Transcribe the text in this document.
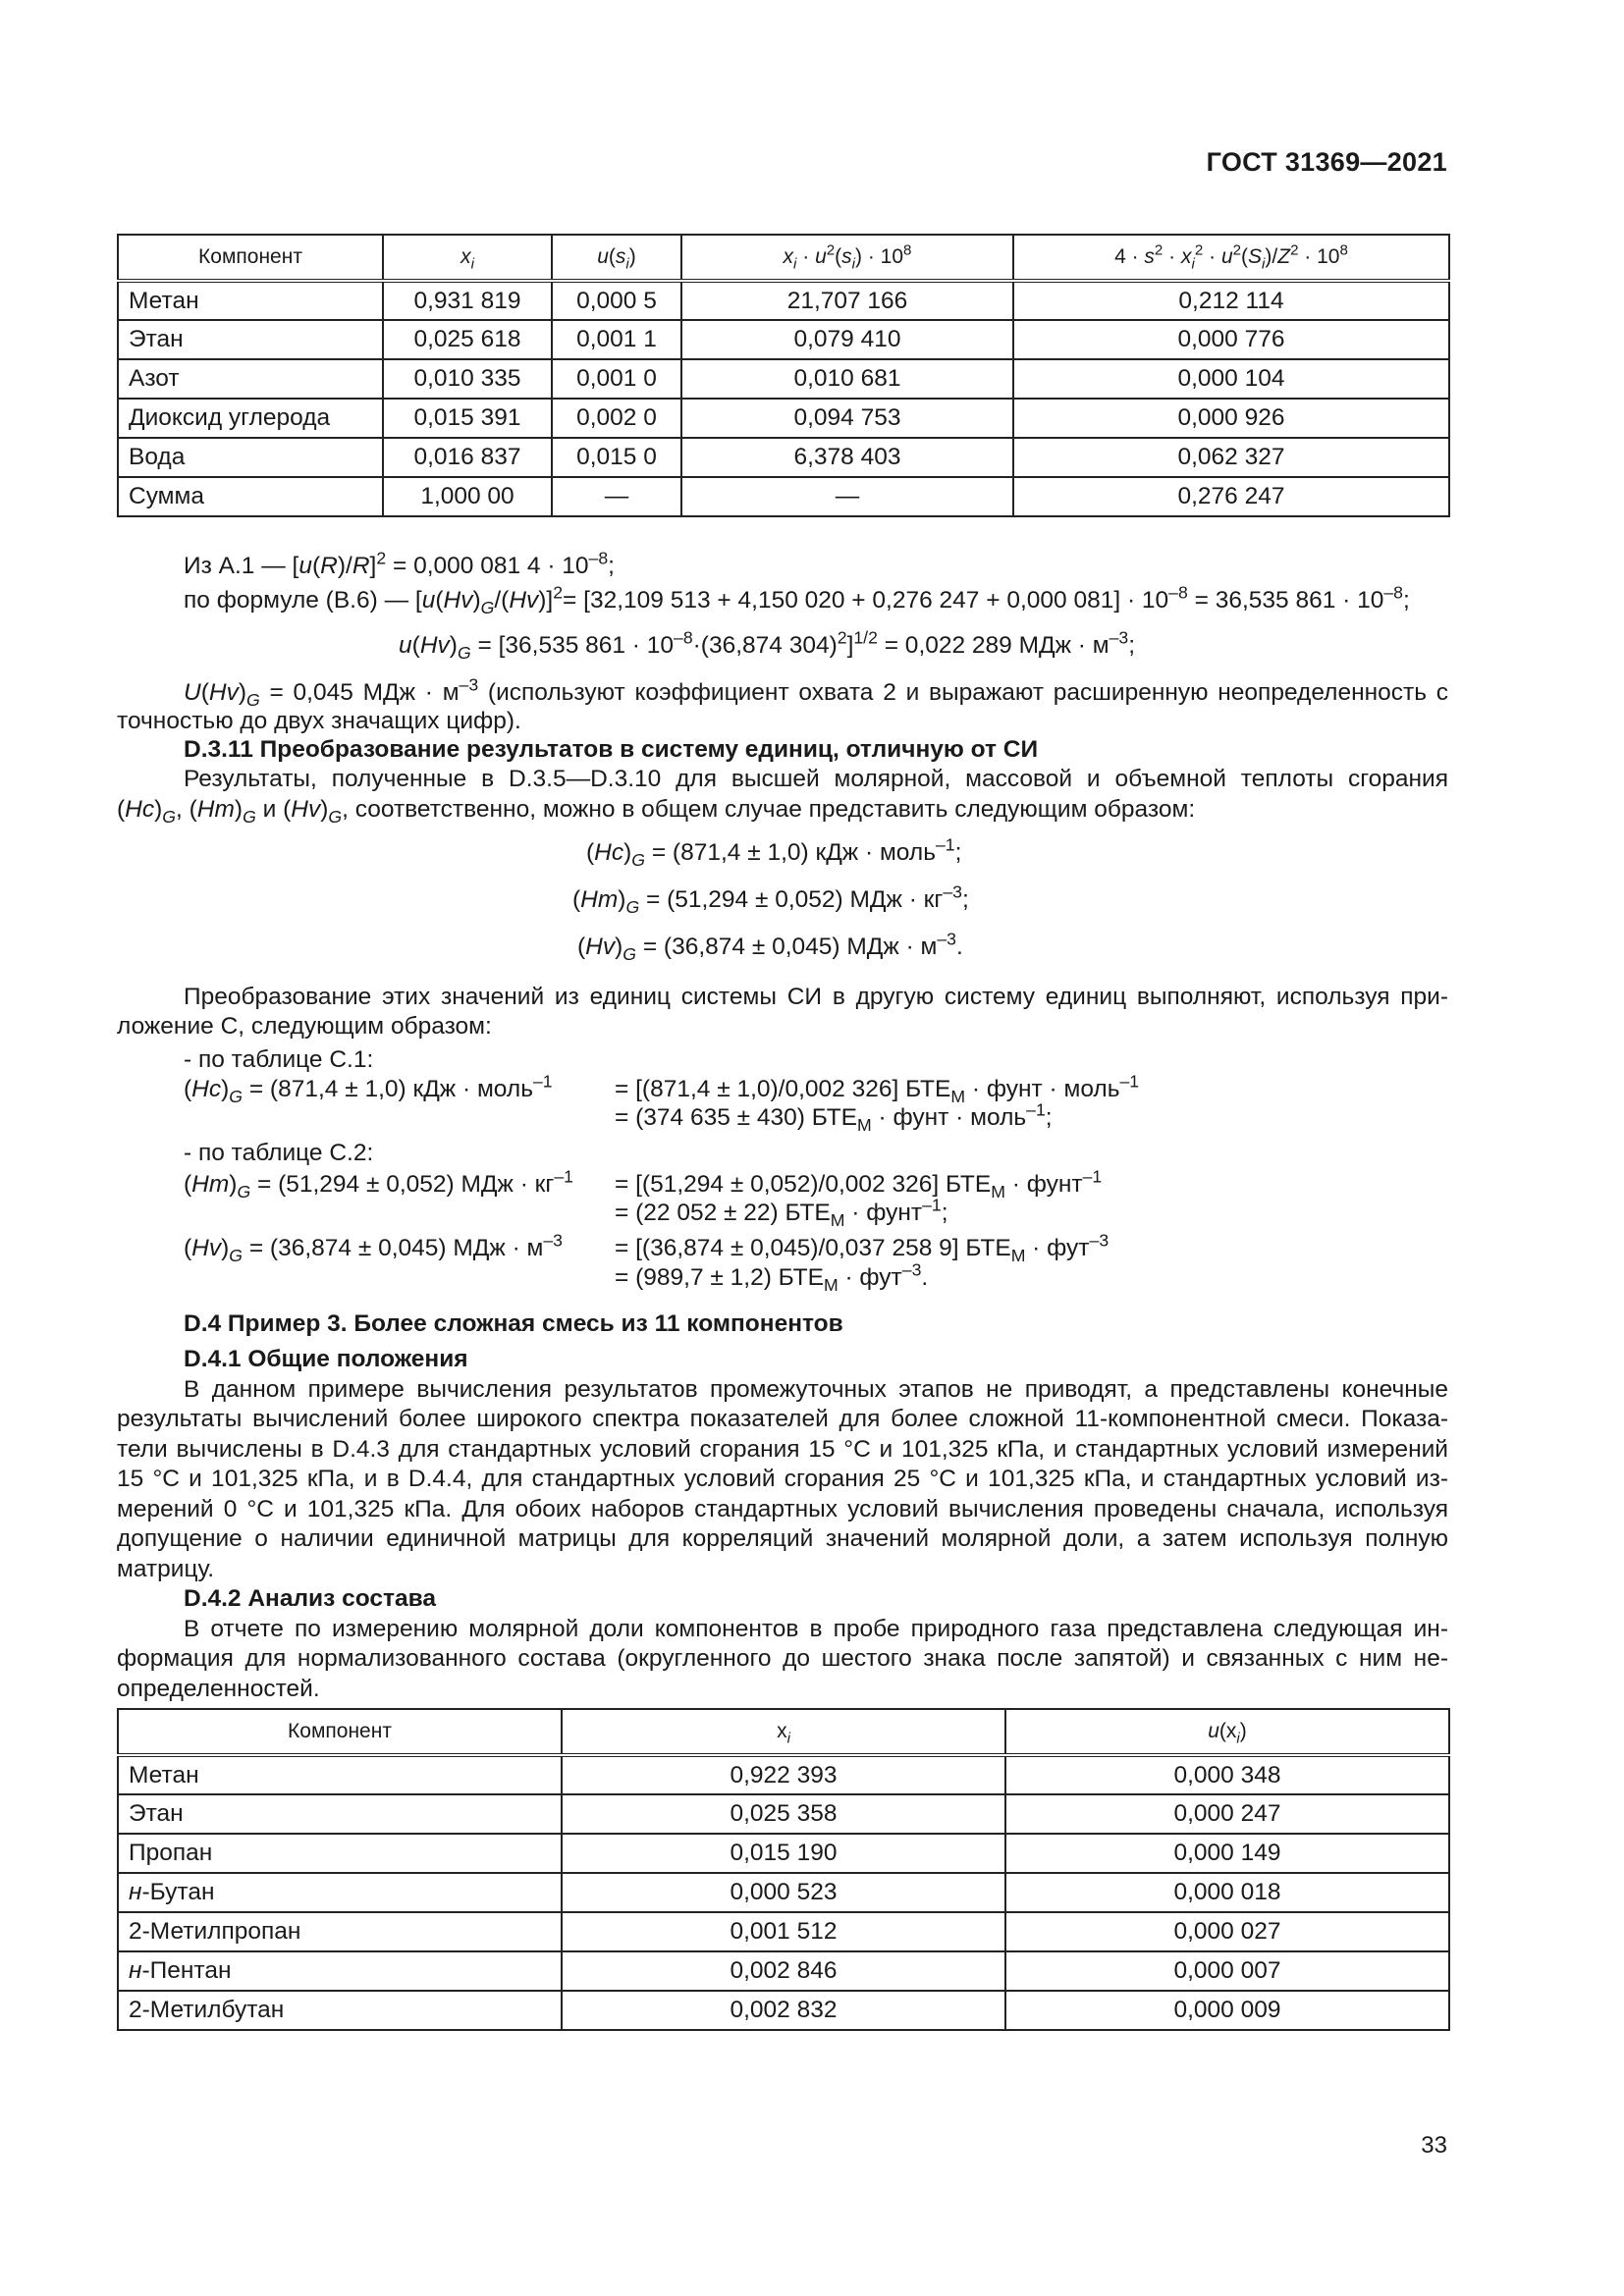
ГОСТ 31369—2021
Компонент	$x_i$	$u(s_i)$	$x_i \cdot u^2(s_i) \cdot 10^8$	$4 \cdot s^2 \cdot x_i^2 \cdot u^2(S_i)/Z^2 \cdot 10^8$
Метан	0,931 819	0,000 5	21,707 166	0,212 114
Этан	0,025 618	0,001 1	0,079 410	0,000 776
Азот	0,010 335	0,001 0	0,010 681	0,000 104
Диоксид углерода	0,015 391	0,002 0	0,094 753	0,000 926
Вода	0,016 837	0,015 0	6,378 403	0,062 327
Сумма	1,000 00	—	—	0,276 247
Из А.1 — $[u(R)/R]^2 = 0,000$ 081 $4 \cdot 10^{-8}$;
по формуле (В.6) — $[u(Hv)_G/(Hv)]^2= [32,109$ 513 + 4,150 020 + 0,276 247 + 0,000 $081] \cdot 10^{-8} = 36,535$ $861 \cdot 10^{-8}$;
$u(Hv)_G = [36,535$ $861 \cdot 10^{-8}\cdot(36,874$ 304)$^2$]$^{1/2}$ = 0,022 289 МДж · $м^{-3}$;
$U(Hv)_G = 0,045$ МДж · $м^{-3}$ (используют коэффициент охвата 2 и выражают расширенную неопределенность с
точностью до двух значащих цифр).
D.3.11 Преобразование результатов в систему единиц, отличную от СИ
Результаты, полученные в D.3.5—D.3.10 для высшей молярной, массовой и объемной теплоты сгорания
$(Hc)_G$, $(Hm)_G$ и $(Hv)_G$, соответственно, можно в общем случае представить следующим образом:
$(Hc)_G = (871,4 \pm 1,0)$ кДж · моль$^{-1}$;
$(Hm)_G = (51,294 \pm 0,052)$ МДж · $кг^{-3}$;
$(Hv)_G = (36,874 \pm 0,045)$ МДж · $м^{-3}$.
Преобразование этих значений из единиц системы СИ в другую систему единиц выполняют, используя при-
ложение С, следующим образом:
- по таблице С.1:
$(Hc)_G = (871,4 \pm 1,0)$ кДж · моль$^{-1}$	= [(871,4 ± 1,0)/0,002 326] $БТЕ_М$ · фунт · моль$^{-1}$
= (374 635 ± 430) $БТЕ_М$ · фунт · моль$^{-1}$;
- по таблице С.2:
$(Hm)_G = (51,294 \pm 0,052)$ МДж · $кг^{-1} = [(51,294 \pm 0,052)/0,002$ 326] $БТЕ_М$ · фунт$^{-1}$
= (22 052 ± 22) $БТЕ_М$ · фунт$^{-1}$;
$(Hv)_G = (36,874 \pm 0,045)$ МДж · $м^{-3} = [(36,874 \pm 0,045)/0,037$ 258 9] $БТЕ_М \cdot фут^{-3}$
= (989,7 ± 1,2) $БТЕ_М \cdot фут^{-3}$.
D.4 Пример 3. Более сложная смесь из 11 компонентов
D.4.1 Общие положения
В данном примере вычисления результатов промежуточных этапов не приводят, а представлены конечные
результаты вычислений более широкого спектра показателей для более сложной 11-компонентной смеси. Показа-
тели вычислены в D.4.3 для стандартных условий сгорания 15 °С и 101,325 кПа, и стандартных условий измерений
15 °С и 101,325 кПа, и в D.4.4, для стандартных условий сгорания 25 °С и 101,325 кПа, и стандартных условий из-
мерений 0 °С и 101,325 кПа. Для обоих наборов стандартных условий вычисления проведены сначала, используя
допущение о наличии единичной матрицы для корреляций значений молярной доли, а затем используя полную
матрицу.
D.4.2 Анализ состава
В отчете по измерению молярной доли компонентов в пробе природного газа представлена следующая ин-
формация для нормализованного состава (округленного до шестого знака после запятой) и связанных с ним не-
определенностей.
Компонент	$x_i$	$u(x_i)$
Метан	0,922 393	0,000 348
Этан	0,025 358	0,000 247
Пропан	0,015 190	0,000 149
н-Бутан	0,000 523	0,000 018
2-Метилпропан	0,001 512	0,000 027
н-Пентан	0,002 846	0,000 007
2-Метилбутан	0,002 832	0,000 009
33
